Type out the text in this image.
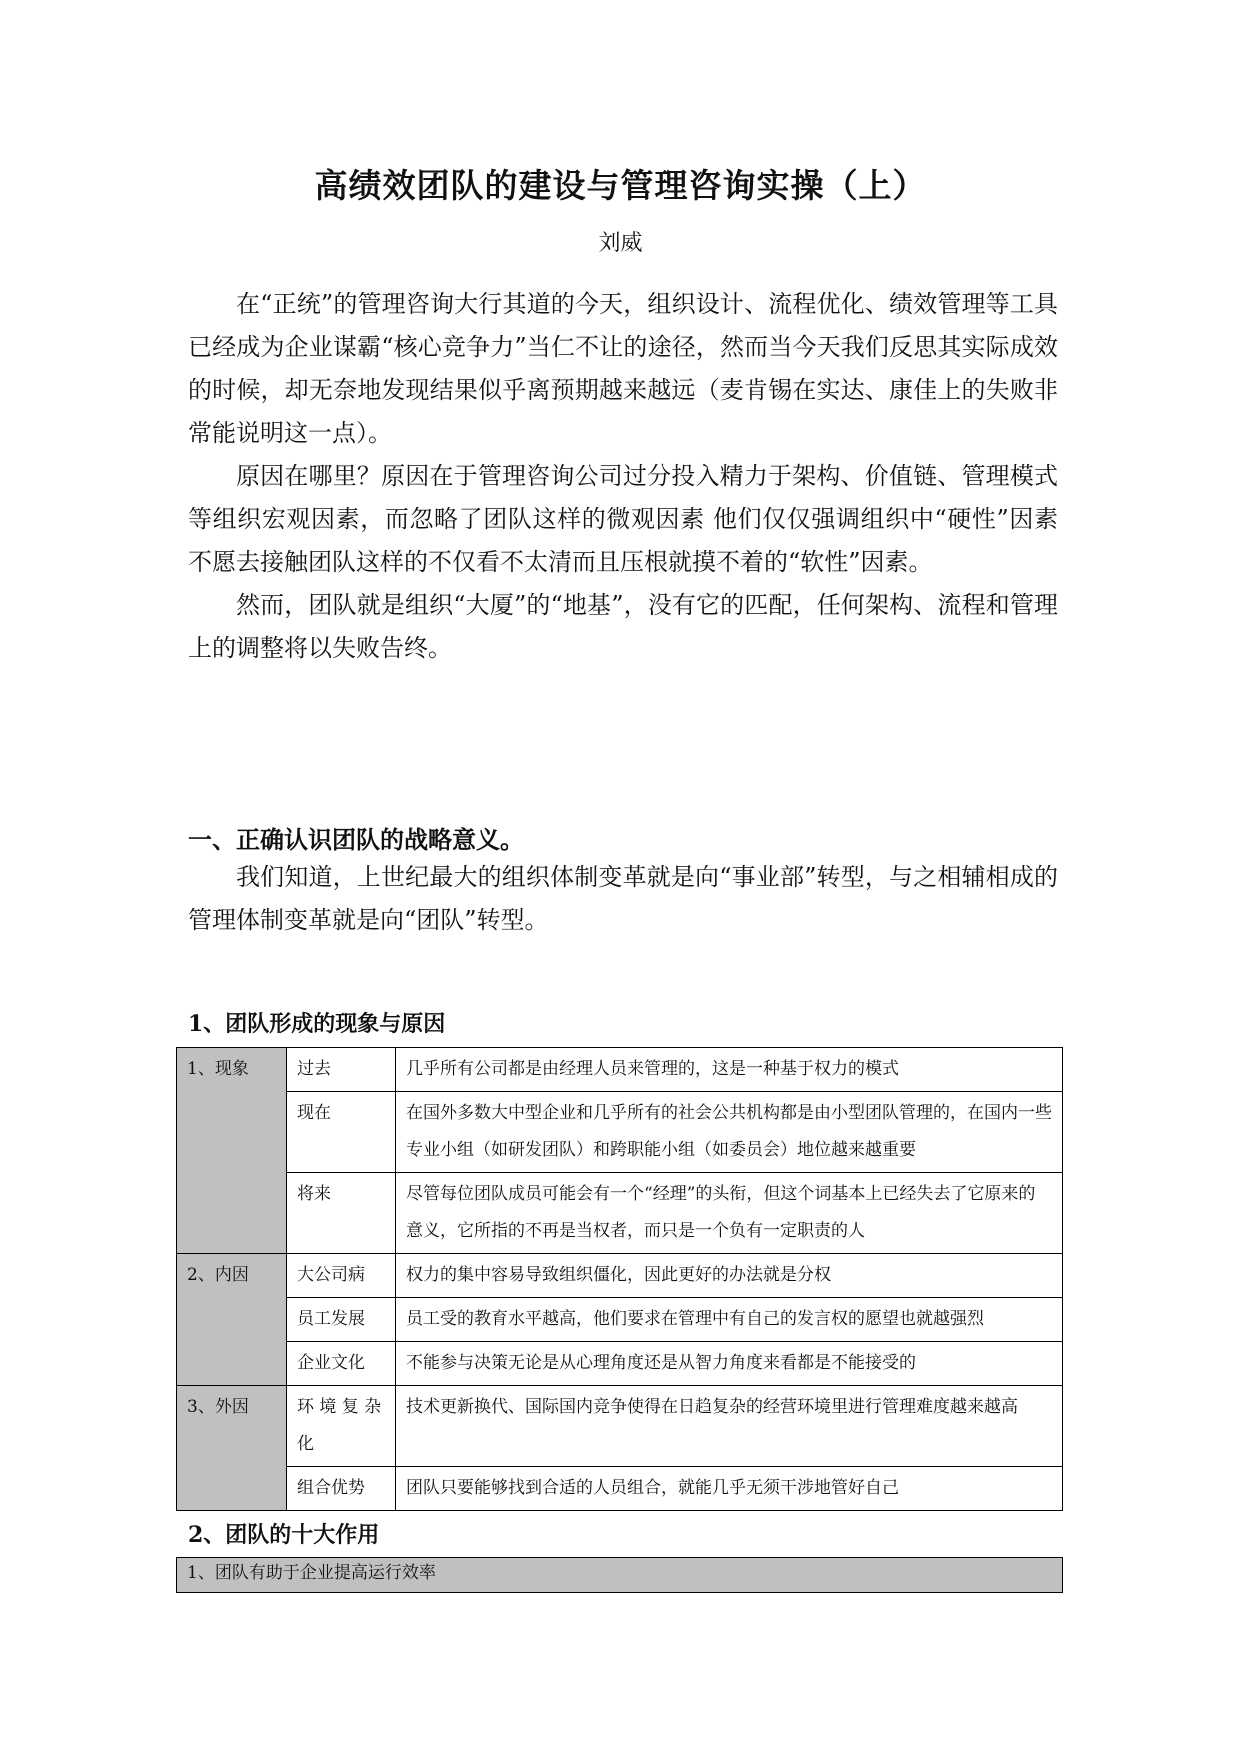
高绩效团队的建设与管理咨询实操（上）
刘威

在“正统”的管理咨询大行其道的今天，组织设计、流程优化、绩效管理等工具已经成为企业谋霸“核心竞争力”当仁不让的途径，然而当今天我们反思其实际成效的时候，却无奈地发现结果似乎离预期越来越远（麦肯锡在实达、康佳上的失败非常能说明这一点）。

原因在哪里？原因在于管理咨询公司过分投入精力于架构、价值链、管理模式等组织宏观因素，而忽略了团队这样的微观因素 他们仅仅强调组织中“硬性”因素不愿去接触团队这样的不仅看不太清而且压根就摸不着的“软性”因素。

然而，团队就是组织“大厦”的“地基”，没有它的匹配，任何架构、流程和管理上的调整将以失败告终。

一、正确认识团队的战略意义。

我们知道，上世纪最大的组织体制变革就是向“事业部”转型，与之相辅相成的管理体制变革就是向“团队”转型。

1、团队形成的现象与原因
1、现象	过去	几乎所有公司都是由经理人员来管理的，这是一种基于权力的模式
	现在	在国外多数大中型企业和几乎所有的社会公共机构都是由小型团队管理的，在国内一些专业小组（如研发团队）和跨职能小组（如委员会）地位越来越重要
	将来	尽管每位团队成员可能会有一个“经理”的头衔，但这个词基本上已经失去了它原来的意义，它所指的不再是当权者，而只是一个负有一定职责的人
2、内因	大公司病	权力的集中容易导致组织僵化，因此更好的办法就是分权
	员工发展	员工受的教育水平越高，他们要求在管理中有自己的发言权的愿望也就越强烈
	企业文化	不能参与决策无论是从心理角度还是从智力角度来看都是不能接受的
3、外因	环 境 复 杂 化	技术更新换代、国际国内竞争使得在日趋复杂的经营环境里进行管理难度越来越高
	组合优势	团队只要能够找到合适的人员组合，就能几乎无须干涉地管好自己
2、团队的十大作用
1、团队有助于企业提高运行效率
